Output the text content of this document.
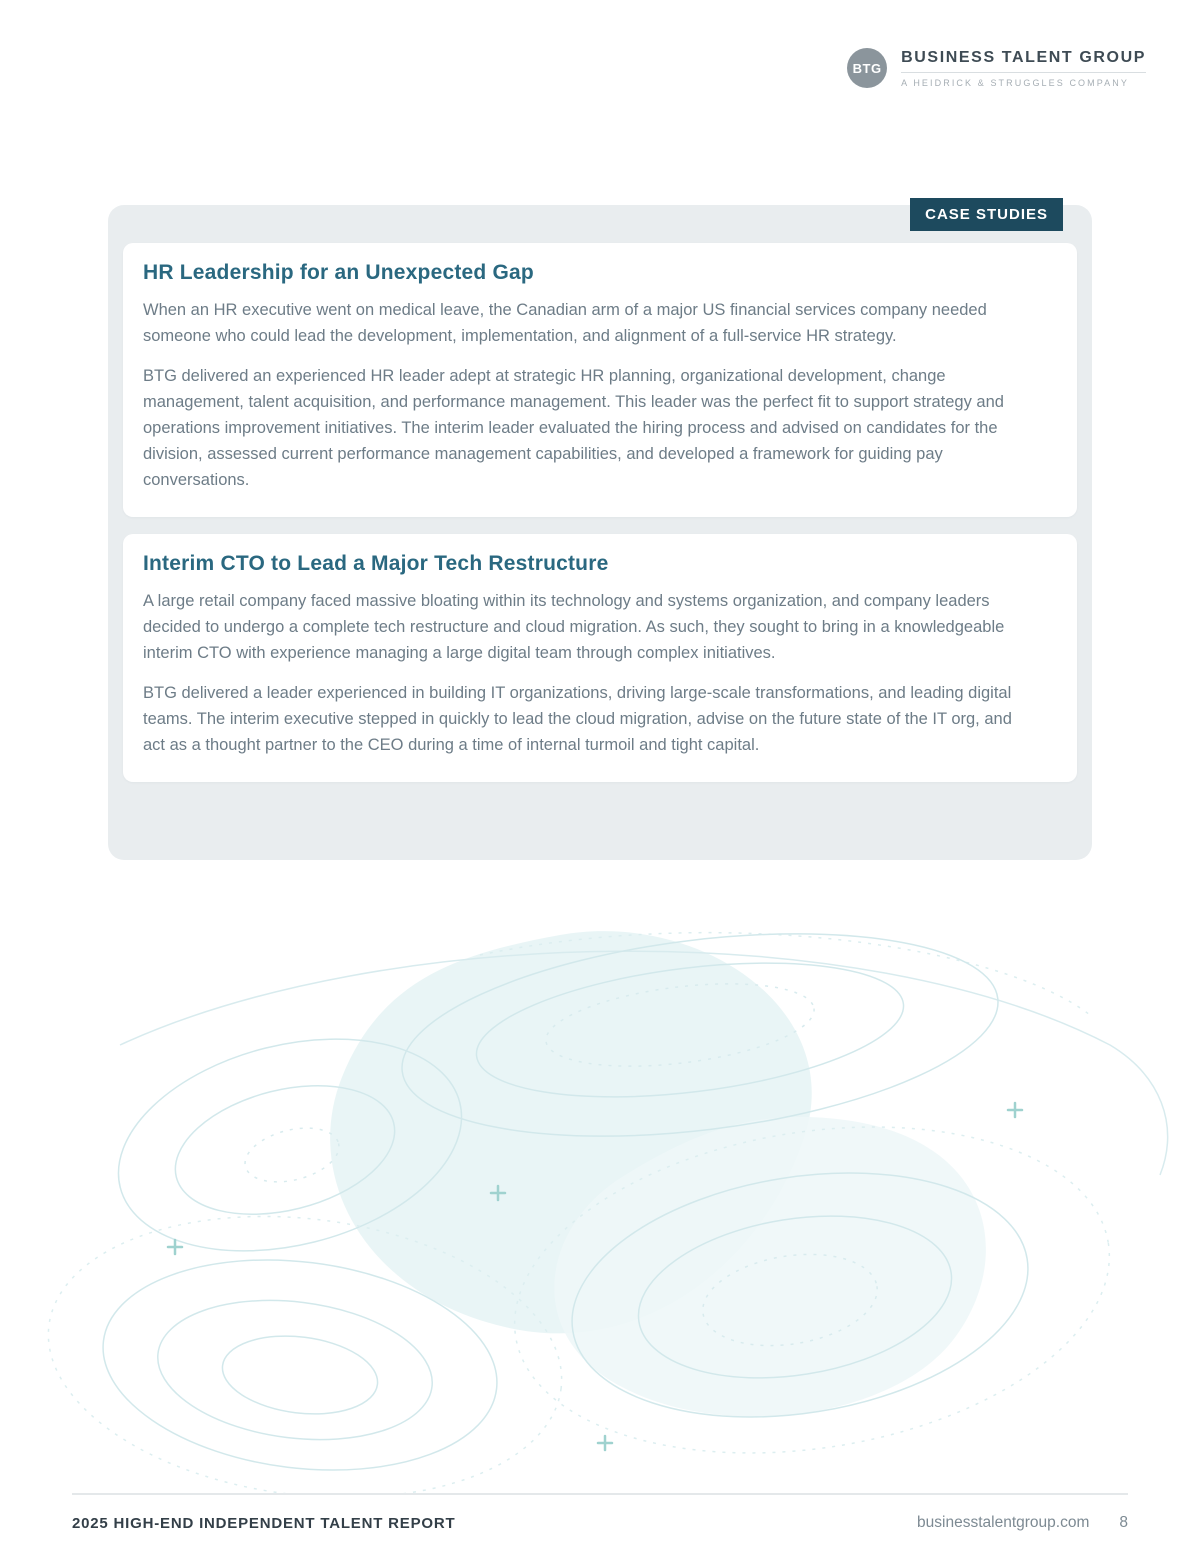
BTG
BUSINESS TALENT GROUP
A HEIDRICK & STRUGGLES COMPANY
CASE STUDIES
HR Leadership for an Unexpected Gap

When an HR executive went on medical leave, the Canadian arm of a major US financial services company needed someone who could lead the development, implementation, and alignment of a full-service HR strategy.

BTG delivered an experienced HR leader adept at strategic HR planning, organizational development, change management, talent acquisition, and performance management. This leader was the perfect fit to support strategy and operations improvement initiatives. The interim leader evaluated the hiring process and advised on candidates for the division, assessed current performance management capabilities, and developed a framework for guiding pay conversations.

Interim CTO to Lead a Major Tech Restructure

A large retail company faced massive bloating within its technology and systems organization, and company leaders decided to undergo a complete tech restructure and cloud migration. As such, they sought to bring in a knowledgeable interim CTO with experience managing a large digital team through complex initiatives.

BTG delivered a leader experienced in building IT organizations, driving large-scale transformations, and leading digital teams. The interim executive stepped in quickly to lead the cloud migration, advise on the future state of the IT org, and act as a thought partner to the CEO during a time of internal turmoil and tight capital.

2025 HIGH-END INDEPENDENT TALENT REPORT	businesstalentgroup.com 8
